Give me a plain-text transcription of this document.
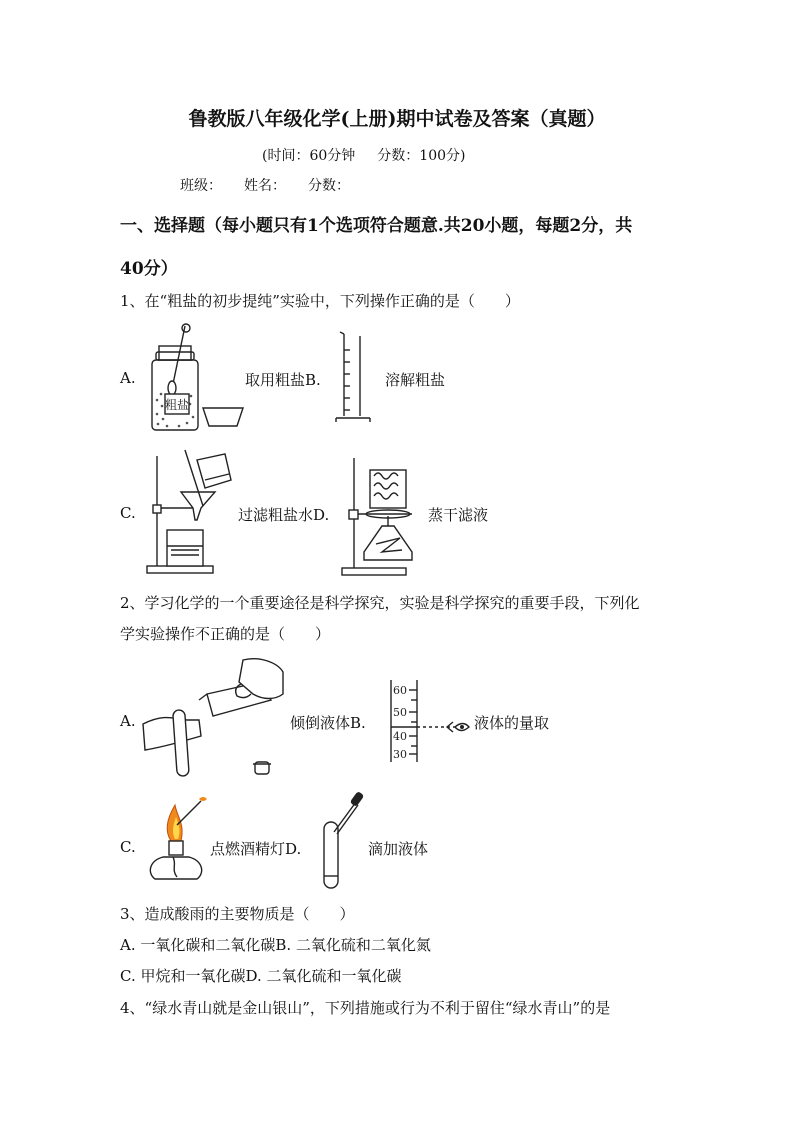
鲁教版八年级化学(上册)期中试卷及答案（真题）
(时间：60分钟 分数：100分)
班级： 姓名： 分数：
一、选择题（每小题只有1个选项符合题意.共20小题，每题2分，共
40分）
1、在“粗盐的初步提纯”实验中，下列操作正确的是（　　）
A.
粗盐
取用粗盐B.	溶解粗盐
C.	过滤粗盐水D.	蒸干滤液
2、学习化学的一个重要途径是科学探究，实验是科学探究的重要手段，下列化
学实验操作不正确的是（　　）
A.	倾倒液体B.
60
50
40
30
液体的量取
C.	点燃酒精灯D.	滴加液体
3、造成酸雨的主要物质是（　　）
A. 一氧化碳和二氧化碳B. 二氧化硫和二氧化氮
C. 甲烷和一氧化碳D. 二氧化硫和一氧化碳
4、“绿水青山就是金山银山”，下列措施或行为不利于留住“绿水青山”的是
